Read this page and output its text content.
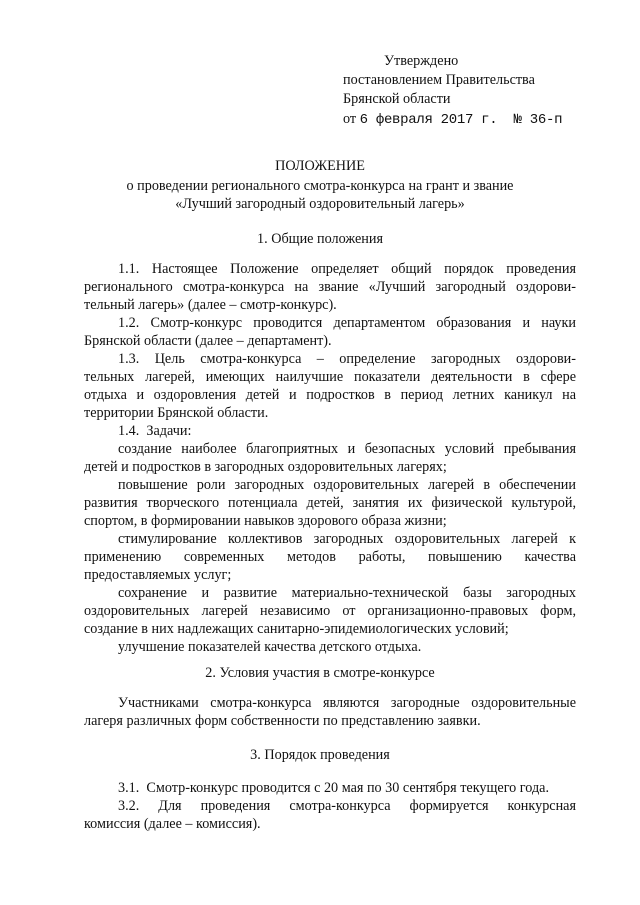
Утверждено
постановлением Правительства
Брянской области
от 6 февраля 2017 г.  № 36-п
ПОЛОЖЕНИЕ
о проведении регионального смотра-конкурса на грант и звание
«Лучший загородный оздоровительный лагерь»
1. Общие положения
1.1. Настоящее Положение определяет общий порядок проведения
регионального смотра-конкурса на звание «Лучший загородный оздорови-
тельный лагерь» (далее – смотр-конкурс).
1.2. Смотр-конкурс проводится департаментом образования и науки
Брянской области (далее – департамент).
1.3. Цель смотра-конкурса – определение загородных оздорови-
тельных лагерей, имеющих наилучшие показатели деятельности в сфере
отдыха и оздоровления детей и подростков в период летних каникул на
территории Брянской области.
1.4.  Задачи:
создание наиболее благоприятных и безопасных условий пребывания
детей и подростков в загородных оздоровительных лагерях;
повышение роли загородных оздоровительных лагерей в обеспечении
развития творческого потенциала детей, занятия их физической культурой,
спортом, в формировании навыков здорового образа жизни;
стимулирование коллективов загородных оздоровительных лагерей к
применению современных методов работы, повышению качества
предоставляемых услуг;
сохранение и развитие материально-технической базы загородных
оздоровительных лагерей независимо от организационно-правовых форм,
создание в них надлежащих санитарно-эпидемиологических условий;
улучшение показателей качества детского отдыха.
2. Условия участия в смотре-конкурсе
Участниками смотра-конкурса являются загородные оздоровительные
лагеря различных форм собственности по представлению заявки.
3. Порядок проведения
3.1.  Смотр-конкурс проводится с 20 мая по 30 сентября текущего года.
3.2. Для проведения смотра-конкурса формируется конкурсная
комиссия (далее – комиссия).
